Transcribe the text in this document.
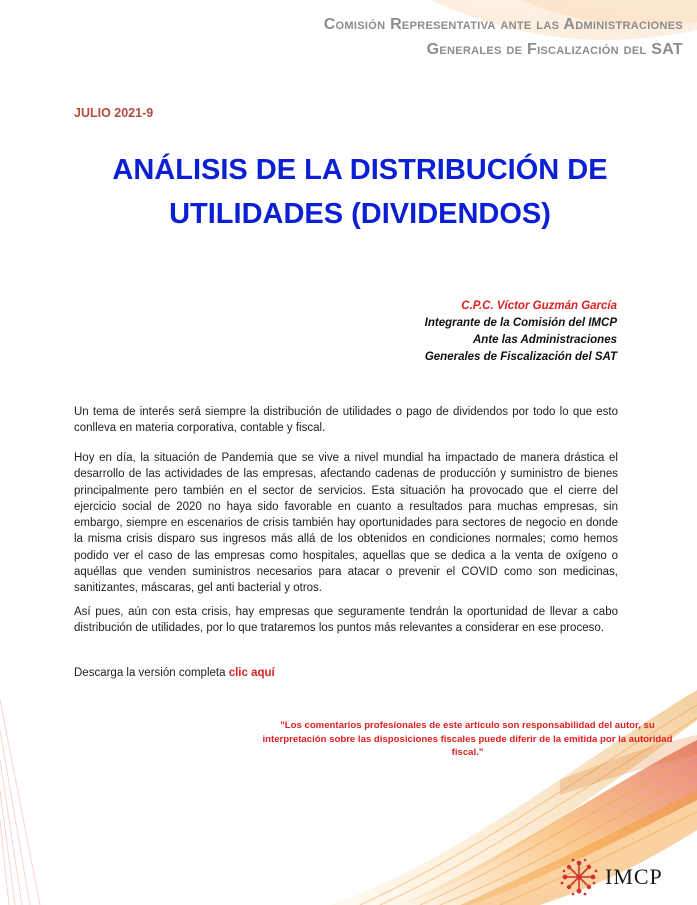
Comisión Representativa ante las Administraciones
Generales de Fiscalización del SAT
JULIO 2021-9
ANÁLISIS DE LA DISTRIBUCIÓN DE
UTILIDADES (DIVIDENDOS)
C.P.C. Víctor Guzmán García
Integrante de la Comisión del IMCP
Ante las Administraciones
Generales de Fiscalización del SAT
Un tema de interés será siempre la distribución de utilidades o pago de dividendos por todo lo que esto conlleva en materia corporativa, contable y fiscal.
Hoy en día, la situación de Pandemia que se vive a nivel mundial ha impactado de manera drástica el desarrollo de las actividades de las empresas, afectando cadenas de producción y suministro de bienes principalmente pero también en el sector de servicios. Esta situación ha provocado que el cierre del ejercicio social de 2020 no haya sido favorable en cuanto a resultados para muchas empresas, sin embargo, siempre en escenarios de crisis también hay oportunidades para sectores de negocio en donde la misma crisis disparo sus ingresos más allá de los obtenidos en condiciones normales; como hemos podido ver el caso de las empresas como hospitales, aquellas que se dedica a la venta de oxígeno o aquéllas que venden suministros necesarios para atacar o prevenir el COVID como son medicinas, sanitizantes, máscaras, gel anti bacterial y otros.
Así pues, aún con esta crisis, hay empresas que seguramente tendrán la oportunidad de llevar a cabo distribución de utilidades, por lo que trataremos los puntos más relevantes a considerar en ese proceso.
Descarga la versión completa clic aquí
"Los comentarios profesionales de este artículo son responsabilidad del autor, su interpretación sobre las disposiciones fiscales puede diferir de la emitida por la autoridad fiscal."
IMCP
